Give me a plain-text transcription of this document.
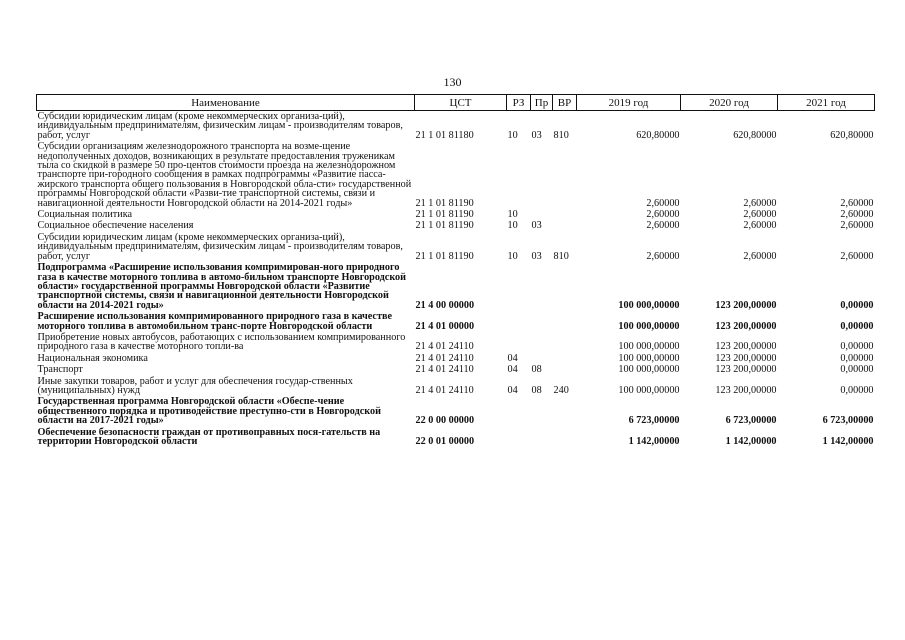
130
Наименование	ЦСТ	РЗ	Пр	ВР	2019 год	2020 год	2021 год
Субсидии юридическим лицам (кроме некоммерческих организа-ций), индивидуальным предпринимателям, физическим лицам - производителям товаров, работ, услуг	21 1 01 81180	10	03	810	620,80000	620,80000	620,80000
Субсидии организациям железнодорожного транспорта на возме-щение недополученных доходов, возникающих в результате предоставления труженикам тыла со скидкой в размере 50 про-центов стоимости проезда на железнодорожном транспорте при-городного сообщения в рамках подпрограммы «Развитие пасса-жирского транспорта общего пользования в Новгородской обла-сти» государственной программы Новгородской области «Разви-тие транспортной системы, связи и навигационной деятельности Новгородской области на 2014-2021 годы»	21 1 01 81190				2,60000	2,60000	2,60000
Социальная политика	21 1 01 81190	10			2,60000	2,60000	2,60000
Социальное обеспечение населения	21 1 01 81190	10	03		2,60000	2,60000	2,60000
Субсидии юридическим лицам (кроме некоммерческих организа-ций), индивидуальным предпринимателям, физическим лицам - производителям товаров, работ, услуг	21 1 01 81190	10	03	810	2,60000	2,60000	2,60000
Подпрограмма «Расширение использования компримирован-ного природного газа в качестве моторного топлива в автомо-бильном транспорте Новгородской области» государственной программы Новгородской области «Развитие транспортной системы, связи и навигационной деятельности Новгородской области на 2014-2021 годы»	21 4 00 00000				100 000,00000	123 200,00000	0,00000
Расширение использования компримированного природного газа в качестве моторного топлива в автомобильном транс-порте Новгородской области	21 4 01 00000				100 000,00000	123 200,00000	0,00000
Приобретение новых автобусов, работающих с использованием компримированного природного газа в качестве моторного топли-ва	21 4 01 24110				100 000,00000	123 200,00000	0,00000
Национальная экономика	21 4 01 24110	04			100 000,00000	123 200,00000	0,00000
Транспорт	21 4 01 24110	04	08		100 000,00000	123 200,00000	0,00000
Иные закупки товаров, работ и услуг для обеспечения государ-ственных (муниципальных) нужд	21 4 01 24110	04	08	240	100 000,00000	123 200,00000	0,00000
Государственная программа Новгородской области «Обеспе-чение общественного порядка и противодействие преступно-сти в Новгородской области на 2017-2021 годы»	22 0 00 00000				6 723,00000	6 723,00000	6 723,00000
Обеспечение безопасности граждан от противоправных пося-гательств на территории Новгородской области	22 0 01 00000				1 142,00000	1 142,00000	1 142,00000
